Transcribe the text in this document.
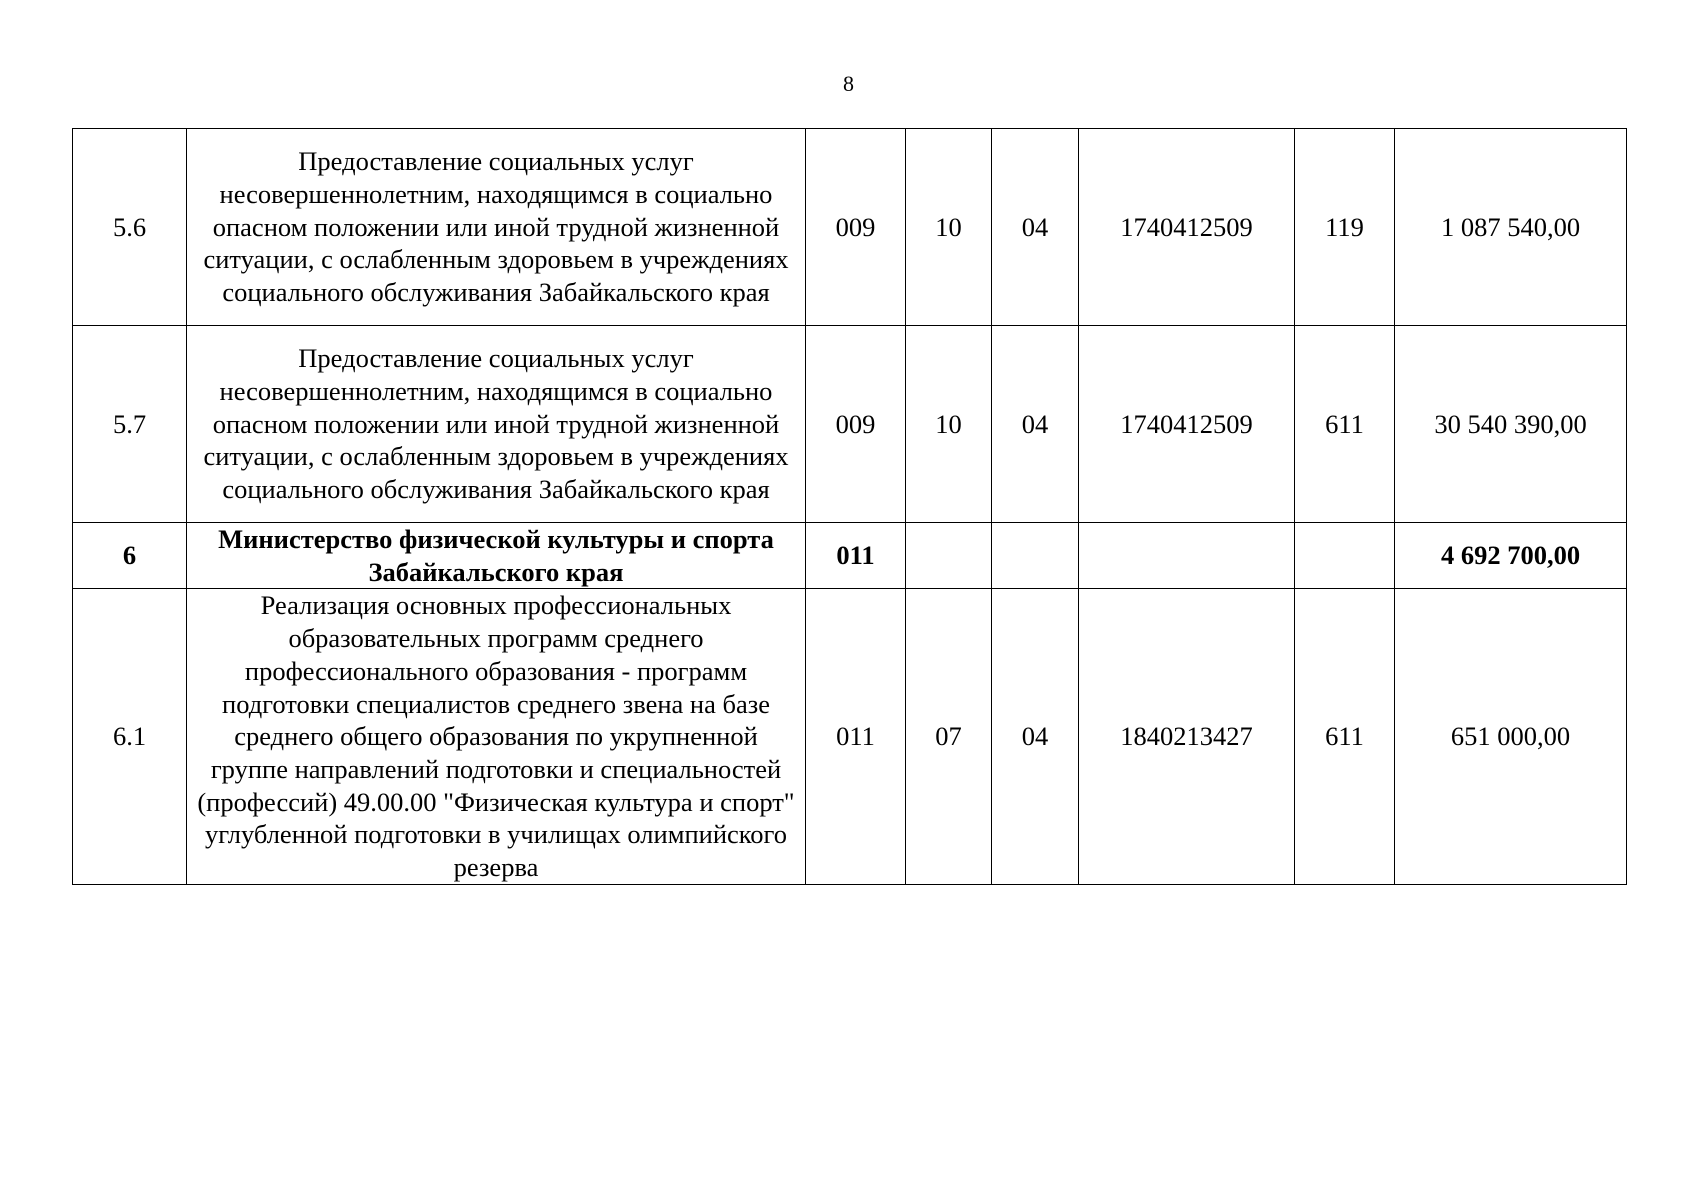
8
5.6	Предоставление социальных услуг несовершеннолетним, находящимся в социально опасном положении или иной трудной жизненной ситуации, с ослабленным здоровьем в учреждениях социального обслуживания Забайкальского края	009	10	04	1740412509	119	1 087 540,00
5.7	Предоставление социальных услуг несовершеннолетним, находящимся в социально опасном положении или иной трудной жизненной ситуации, с ослабленным здоровьем в учреждениях социального обслуживания Забайкальского края	009	10	04	1740412509	611	30 540 390,00
6	Министерство физической культуры и спорта Забайкальского края	011					4 692 700,00
6.1	Реализация основных профессиональных образовательных программ среднего профессионального образования - программ подготовки специалистов среднего звена на базе среднего общего образования по укрупненной группе направлений подготовки и специальностей (профессий) 49.00.00 "Физическая культура и спорт" углубленной подготовки в училищах олимпийского резерва	011	07	04	1840213427	611	651 000,00
